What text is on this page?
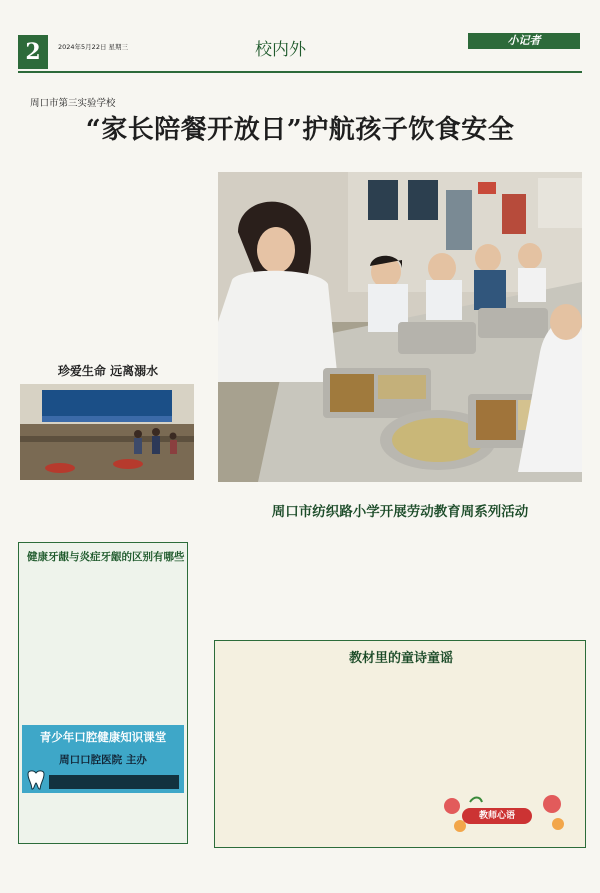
2	2024年5月22日 星期三	校内外	小记者
周口市第三实验学校
“家长陪餐开放日”护航孩子饮食安全
珍爱生命 远离溺水

周口市纺织路小学开展劳动教育周系列活动
健康牙龈与炎症牙龈的区别有哪些
青少年口腔健康知识课堂
周口口腔医院 主办
教材里的童诗童谣
教师心语
